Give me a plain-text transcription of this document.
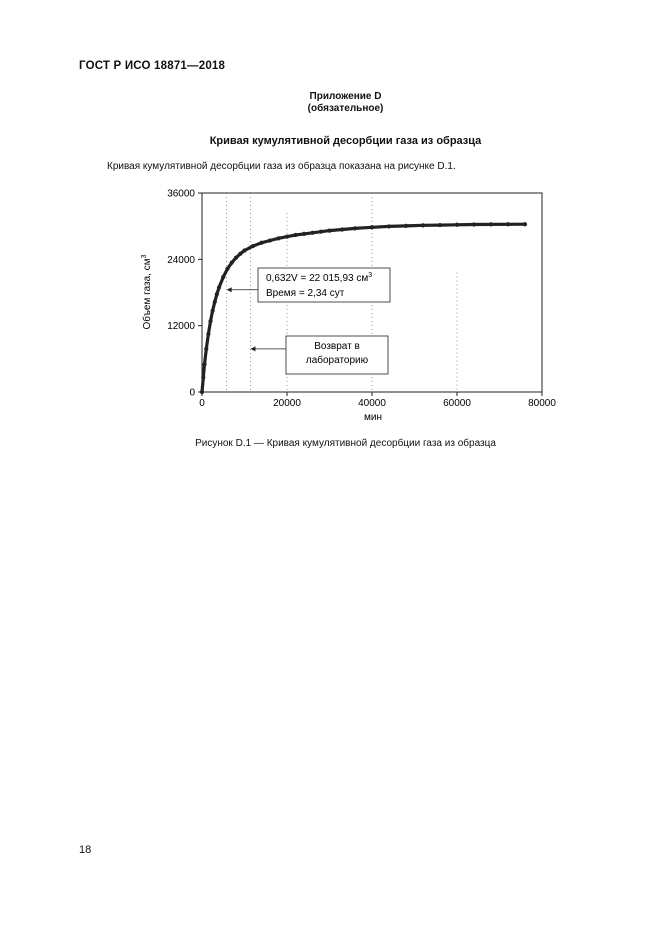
ГОСТ Р ИСО 18871—2018
Приложение D
(обязательное)
Кривая кумулятивной десорбции газа из образца
Кривая кумулятивной десорбции газа из образца показана на рисунке D.1.
0	20000	40000	60000	80000
0
12000
24000
36000
0,632V = 22 015,93 $см^3$
Время = 2,34 сут
Возврат в
лабораторию
Объем газа, $см^3$
мин
Рисунок D.1 — Кривая кумулятивной десорбции газа из образца
18
